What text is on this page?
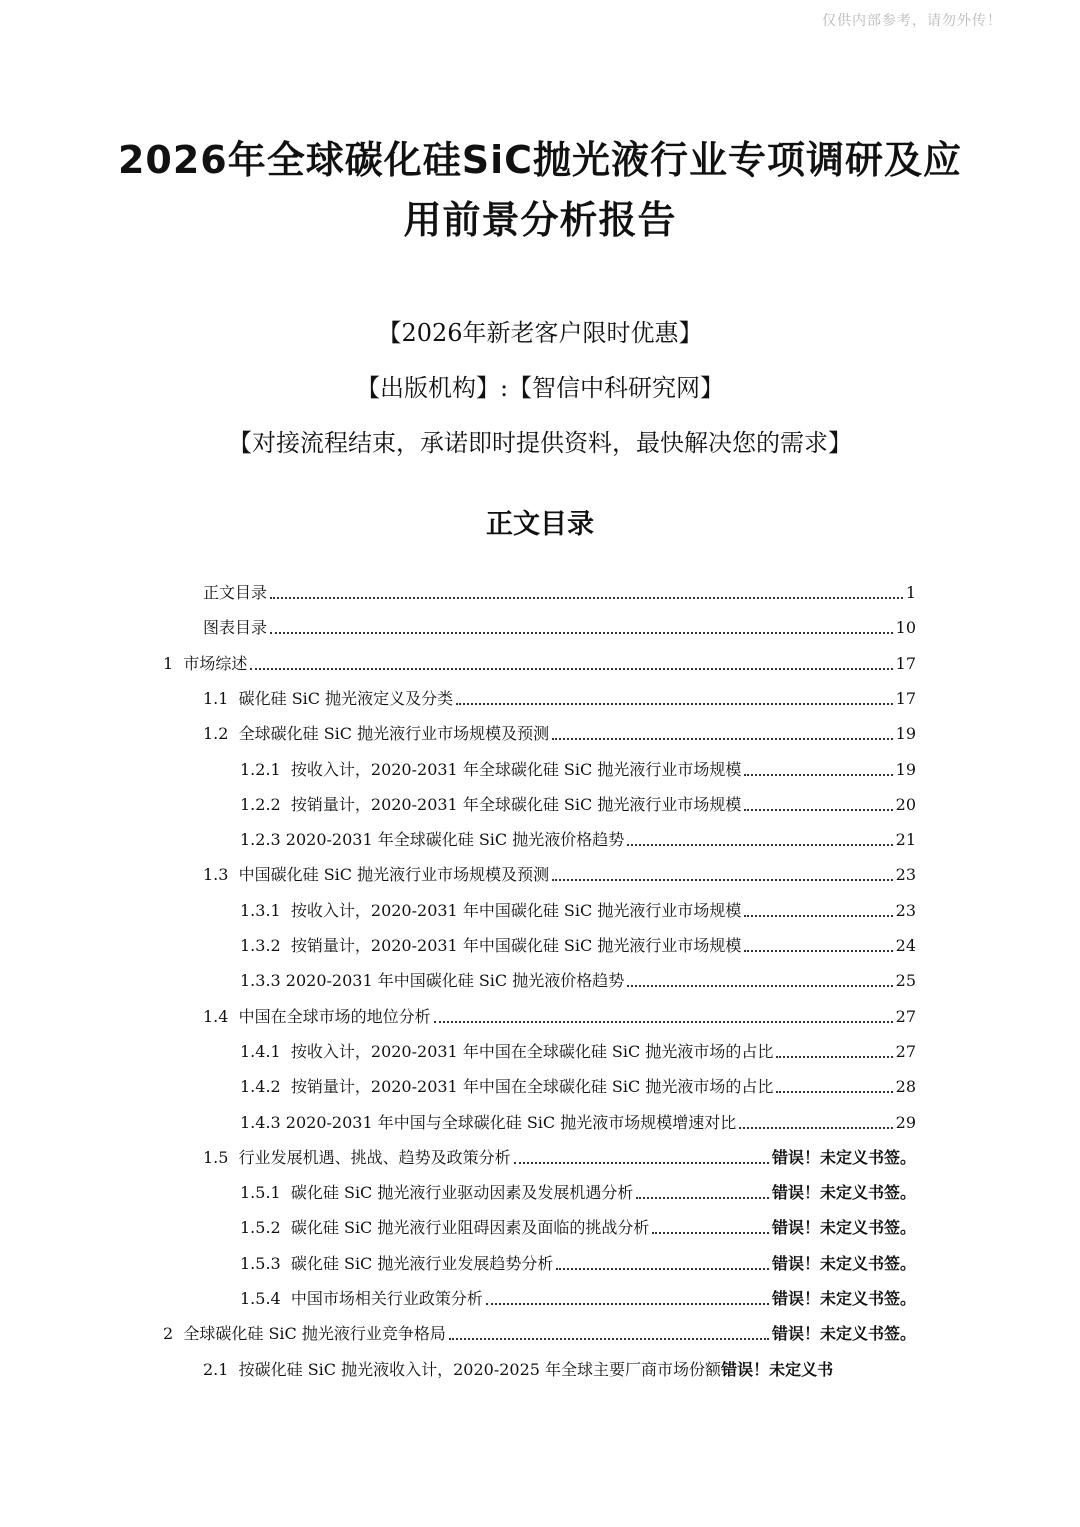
仅供内部参考，请勿外传！
2026年全球碳化硅SiC抛光液行业专项调研及应用前景分析报告
【2026年新老客户限时优惠】
【出版机构】:【智信中科研究网】
【对接流程结束，承诺即时提供资料，最快解决您的需求】
正文目录
正文目录	1
图表目录	10
1 市场综述	17
1.1 碳化硅 SiC 抛光液定义及分类	17
1.2 全球碳化硅 SiC 抛光液行业市场规模及预测	19
1.2.1 按收入计，2020-2031 年全球碳化硅 SiC 抛光液行业市场规模	19
1.2.2 按销量计，2020-2031 年全球碳化硅 SiC 抛光液行业市场规模	20
1.2.3 2020-2031 年全球碳化硅 SiC 抛光液价格趋势	21
1.3 中国碳化硅 SiC 抛光液行业市场规模及预测	23
1.3.1 按收入计，2020-2031 年中国碳化硅 SiC 抛光液行业市场规模	23
1.3.2 按销量计，2020-2031 年中国碳化硅 SiC 抛光液行业市场规模	24
1.3.3 2020-2031 年中国碳化硅 SiC 抛光液价格趋势	25
1.4 中国在全球市场的地位分析	27
1.4.1 按收入计，2020-2031 年中国在全球碳化硅 SiC 抛光液市场的占比	27
1.4.2 按销量计，2020-2031 年中国在全球碳化硅 SiC 抛光液市场的占比	28
1.4.3 2020-2031 年中国与全球碳化硅 SiC 抛光液市场规模增速对比	29
1.5 行业发展机遇、挑战、趋势及政策分析	错误！未定义书签。
1.5.1 碳化硅 SiC 抛光液行业驱动因素及发展机遇分析	错误！未定义书签。
1.5.2 碳化硅 SiC 抛光液行业阻碍因素及面临的挑战分析	错误！未定义书签。
1.5.3 碳化硅 SiC 抛光液行业发展趋势分析	错误！未定义书签。
1.5.4 中国市场相关行业政策分析	错误！未定义书签。
2 全球碳化硅 SiC 抛光液行业竞争格局	错误！未定义书签。
2.1 按碳化硅 SiC 抛光液收入计，2020-2025 年全球主要厂商市场份额 错误！未定义书
